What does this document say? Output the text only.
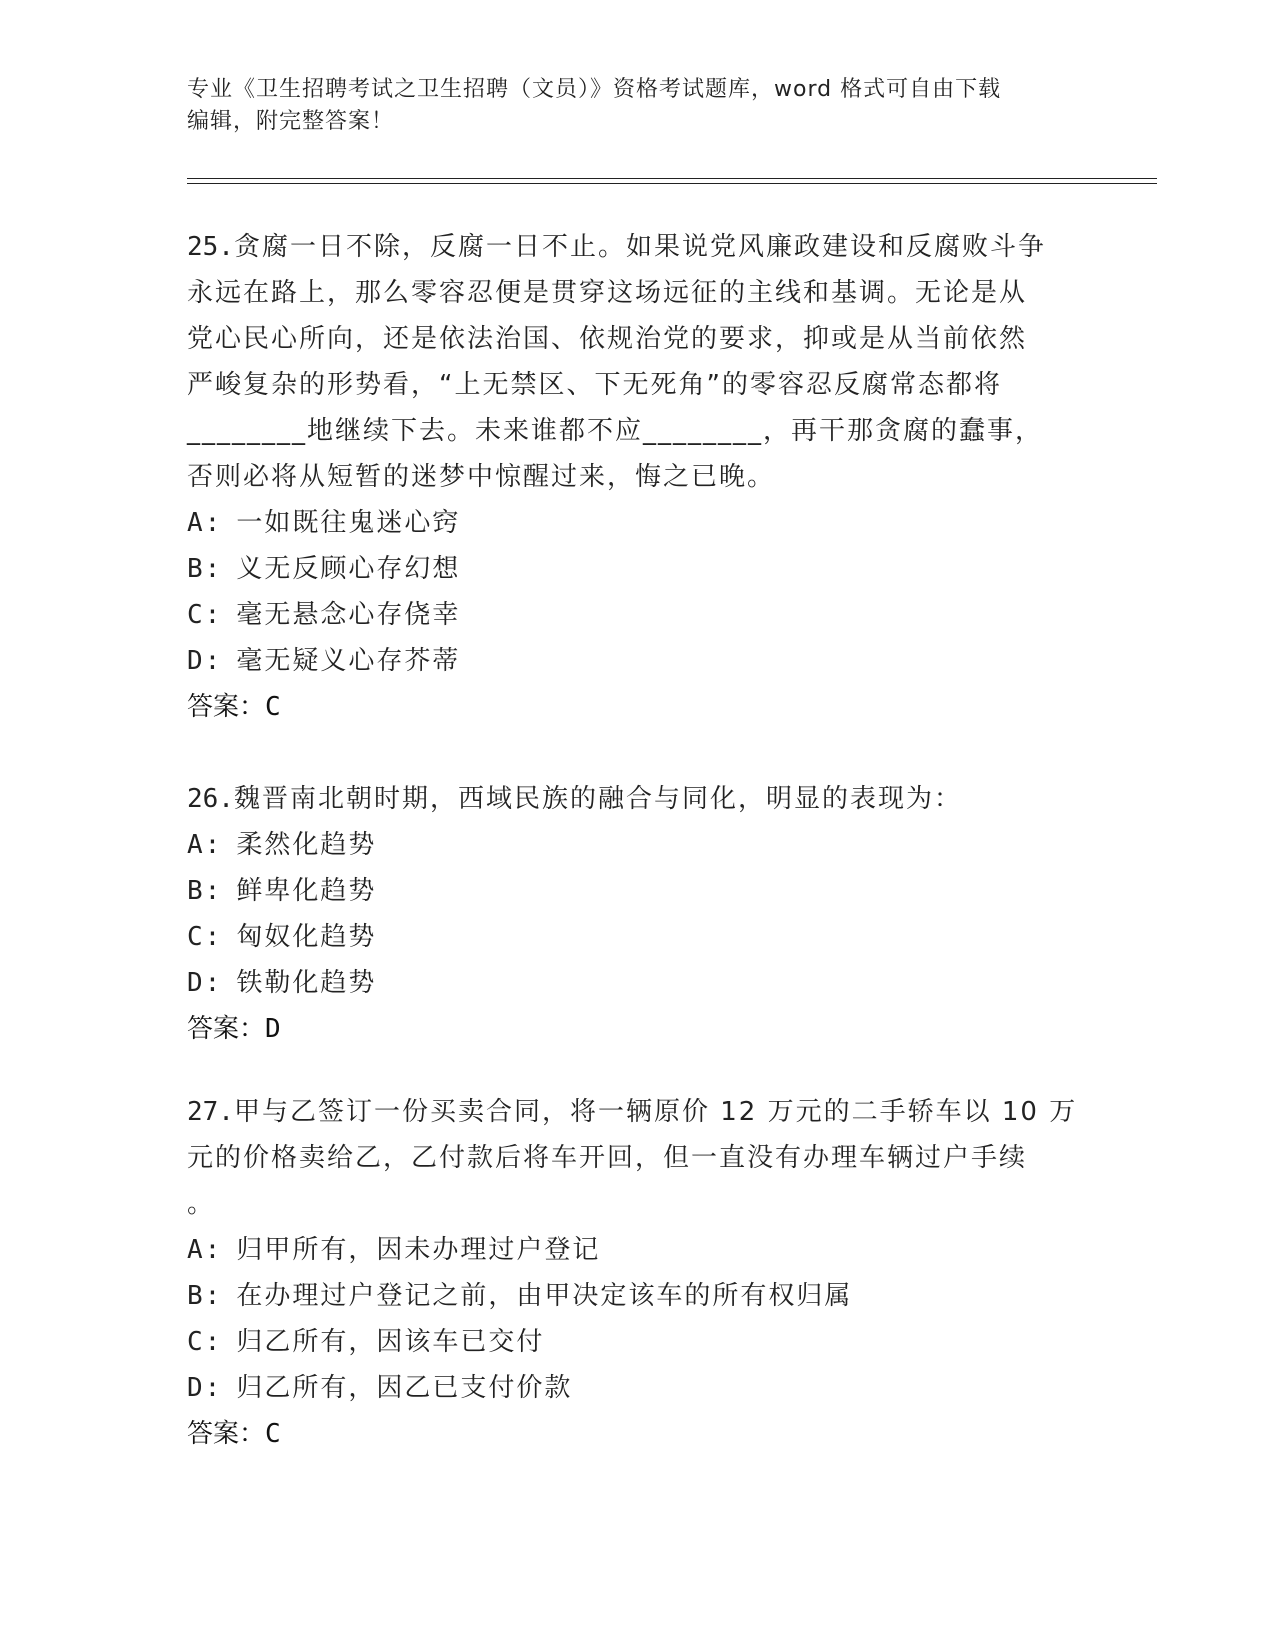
专业《卫生招聘考试之卫生招聘（文员）》资格考试题库，word 格式可自由下载
编辑，附完整答案！

25.贪腐一日不除，反腐一日不止。如果说党风廉政建设和反腐败斗争

永远在路上，那么零容忍便是贯穿这场远征的主线和基调。无论是从

党心民心所向，还是依法治国、依规治党的要求，抑或是从当前依然

严峻复杂的形势看，“上无禁区、下无死角”的零容忍反腐常态都将

________地继续下去。未来谁都不应________，再干那贪腐的蠢事，

否则必将从短暂的迷梦中惊醒过来，悔之已晚。

A: 一如既往鬼迷心窍

B: 义无反顾心存幻想

C: 毫无悬念心存侥幸

D: 毫无疑义心存芥蒂

答案：C

26.魏晋南北朝时期，西域民族的融合与同化，明显的表现为：

A: 柔然化趋势

B: 鲜卑化趋势

C: 匈奴化趋势

D: 铁勒化趋势

答案：D

27.甲与乙签订一份买卖合同，将一辆原价 12 万元的二手轿车以 10 万

元的价格卖给乙，乙付款后将车开回，但一直没有办理车辆过户手续

。

A: 归甲所有，因未办理过户登记

B: 在办理过户登记之前，由甲决定该车的所有权归属

C: 归乙所有，因该车已交付

D: 归乙所有，因乙已支付价款

答案：C
